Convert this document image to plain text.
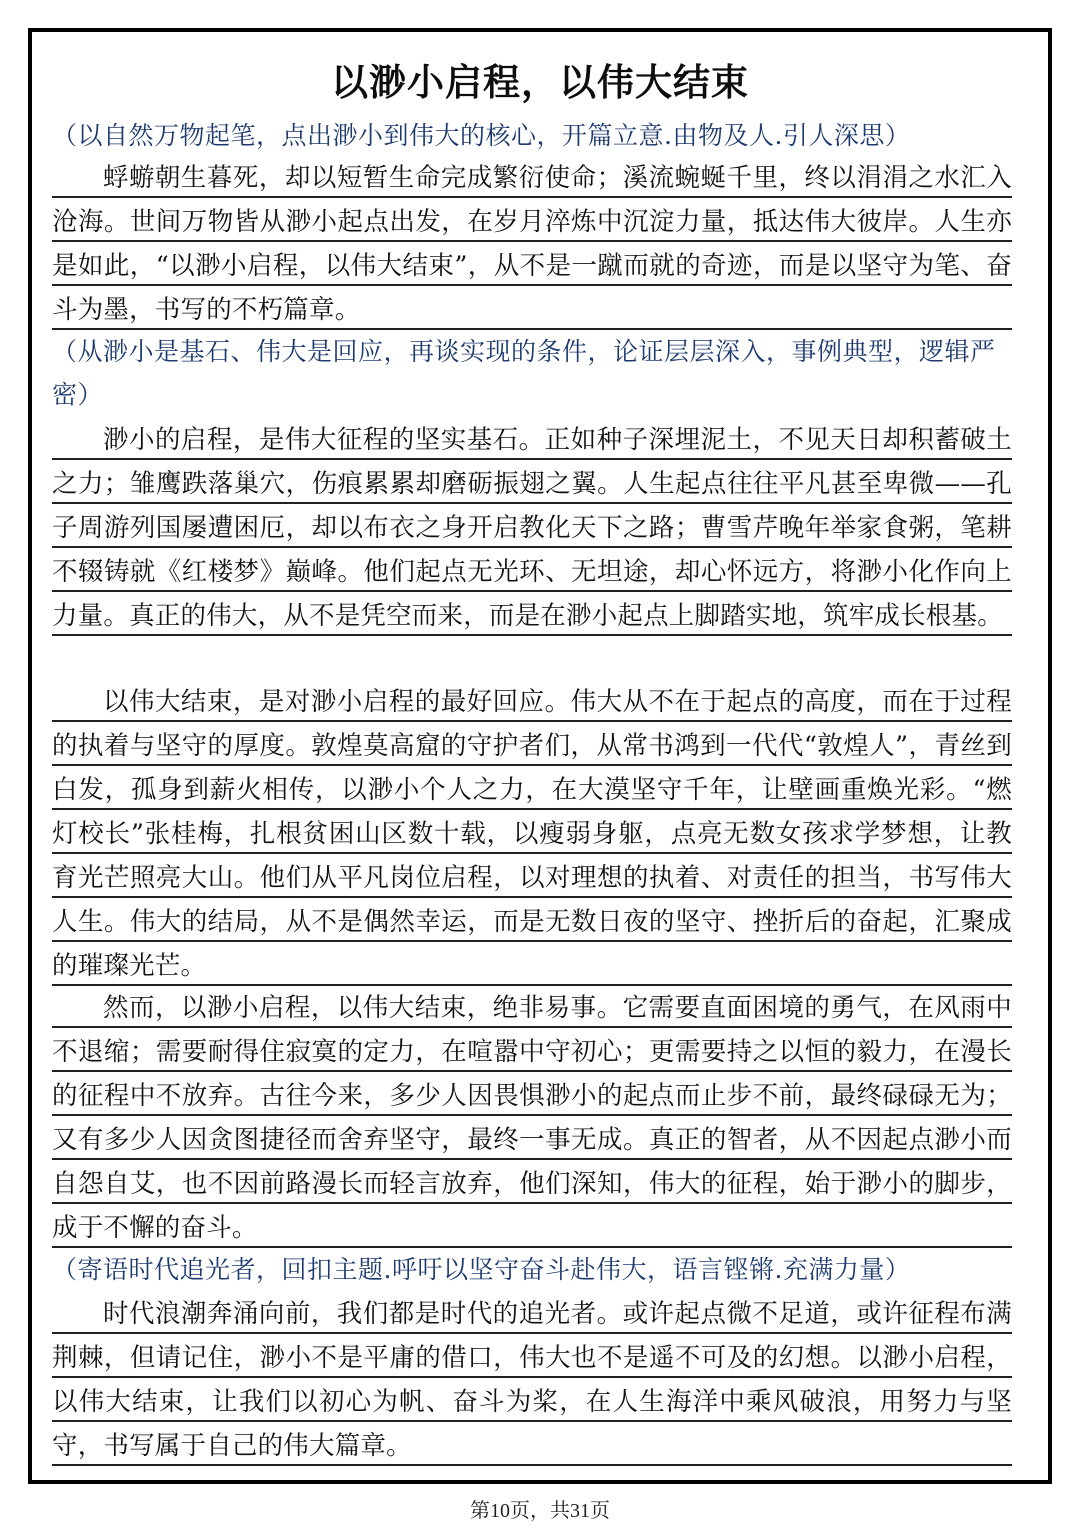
以渺小启程，以伟大结束
（以自然万物起笔，点出渺小到伟大的核心，开篇立意.由物及人.引人深思）
蜉蝣朝生暮死，却以短暂生命完成繁衍使命；溪流蜿蜒千里，终以涓涓之水汇入沧海。世间万物皆从渺小起点出发，在岁月淬炼中沉淀力量，抵达伟大彼岸。人生亦是如此，“以渺小启程，以伟大结束”，从不是一蹴而就的奇迹，而是以坚守为笔、奋斗为墨，书写的不朽篇章。
（从渺小是基石、伟大是回应，再谈实现的条件，论证层层深入，事例典型，逻辑严密）
渺小的启程，是伟大征程的坚实基石。正如种子深埋泥土，不见天日却积蓄破土之力；雏鹰跌落巢穴，伤痕累累却磨砺振翅之翼。人生起点往往平凡甚至卑微——孔子周游列国屡遭困厄，却以布衣之身开启教化天下之路；曹雪芹晚年举家食粥，笔耕不辍铸就《红楼梦》巅峰。他们起点无光环、无坦途，却心怀远方，将渺小化作向上力量。真正的伟大，从不是凭空而来，而是在渺小起点上脚踏实地，筑牢成长根基。
以伟大结束，是对渺小启程的最好回应。伟大从不在于起点的高度，而在于过程的执着与坚守的厚度。敦煌莫高窟的守护者们，从常书鸿到一代代“敦煌人”，青丝到白发，孤身到薪火相传，以渺小个人之力，在大漠坚守千年，让壁画重焕光彩。“燃灯校长”张桂梅，扎根贫困山区数十载，以瘦弱身躯，点亮无数女孩求学梦想，让教育光芒照亮大山。他们从平凡岗位启程，以对理想的执着、对责任的担当，书写伟大人生。伟大的结局，从不是偶然幸运，而是无数日夜的坚守、挫折后的奋起，汇聚成的璀璨光芒。
然而，以渺小启程，以伟大结束，绝非易事。它需要直面困境的勇气，在风雨中不退缩；需要耐得住寂寞的定力，在喧嚣中守初心；更需要持之以恒的毅力，在漫长的征程中不放弃。古往今来，多少人因畏惧渺小的起点而止步不前，最终碌碌无为；又有多少人因贪图捷径而舍弃坚守，最终一事无成。真正的智者，从不因起点渺小而自怨自艾，也不因前路漫长而轻言放弃，他们深知，伟大的征程，始于渺小的脚步，成于不懈的奋斗。
（寄语时代追光者，回扣主题.呼吁以坚守奋斗赴伟大，语言铿锵.充满力量）
时代浪潮奔涌向前，我们都是时代的追光者。或许起点微不足道，或许征程布满荆棘，但请记住，渺小不是平庸的借口，伟大也不是遥不可及的幻想。以渺小启程，以伟大结束，让我们以初心为帆、奋斗为桨，在人生海洋中乘风破浪，用努力与坚守，书写属于自己的伟大篇章。
第10页，共31页
